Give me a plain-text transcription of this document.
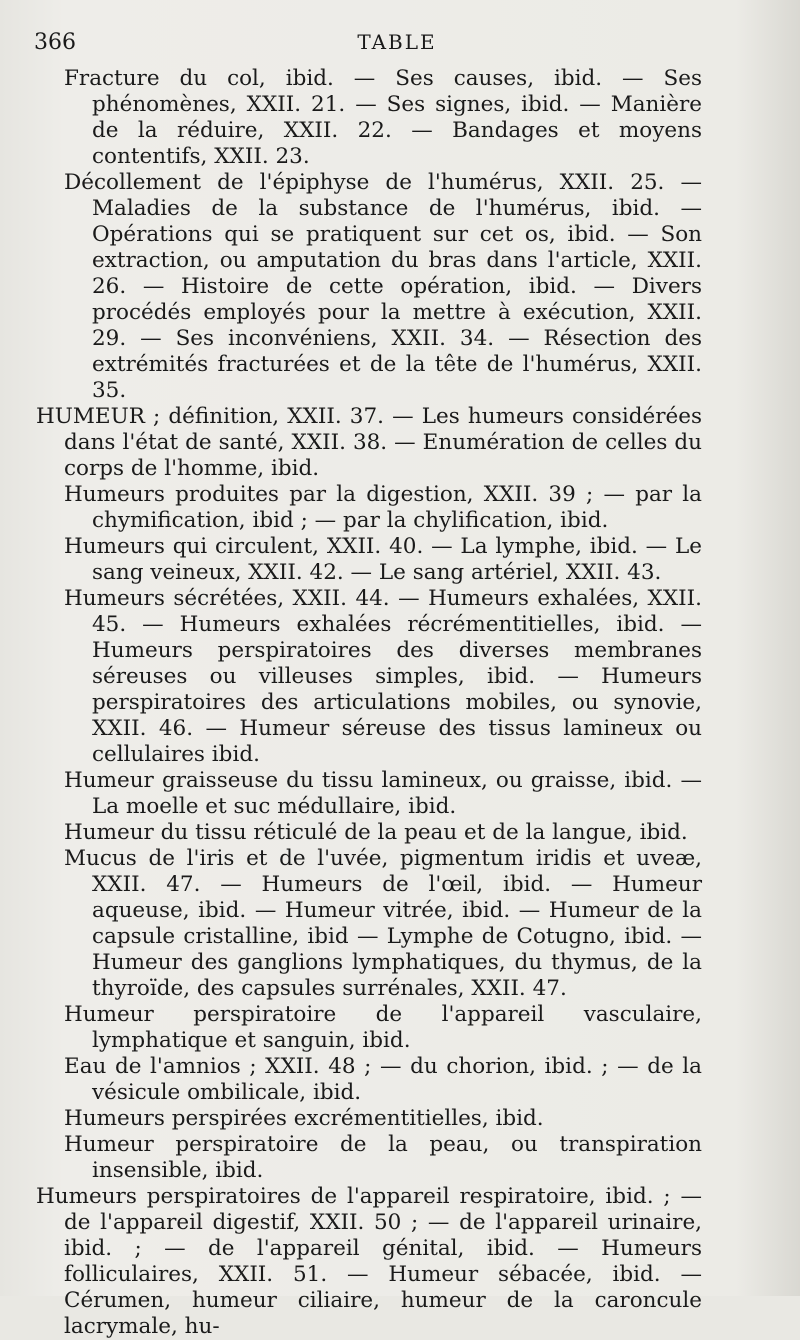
366	TABLE

Fracture du col, ibid. — Ses causes, ibid. — Ses phénomènes, XXII. 21. — Ses signes, ibid. — Manière de la réduire, XXII. 22. — Bandages et moyens contentifs, XXII. 23.

Décollement de l'épiphyse de l'humérus, XXII. 25. — Maladies de la substance de l'humérus, ibid. — Opérations qui se pratiquent sur cet os, ibid. — Son extraction, ou amputation du bras dans l'article, XXII. 26. — Histoire de cette opération, ibid. — Divers procédés employés pour la mettre à exécution, XXII. 29. — Ses inconvéniens, XXII. 34. — Résection des extrémités fracturées et de la tête de l'humérus, XXII. 35.

HUMEUR ; définition, XXII. 37. — Les humeurs considérées dans l'état de santé, XXII. 38. — Enumération de celles du corps de l'homme, ibid.

Humeurs produites par la digestion, XXII. 39 ; — par la chymification, ibid ; — par la chylification, ibid.

Humeurs qui circulent, XXII. 40. — La lymphe, ibid. — Le sang veineux, XXII. 42. — Le sang artériel, XXII. 43.

Humeurs sécrétées, XXII. 44. — Humeurs exhalées, XXII. 45. — Humeurs exhalées récrémentitielles, ibid. — Humeurs perspiratoires des diverses membranes séreuses ou villeuses simples, ibid. — Humeurs perspiratoires des articulations mobiles, ou synovie, XXII. 46. — Humeur séreuse des tissus lamineux ou cellulaires ibid.

Humeur graisseuse du tissu lamineux, ou graisse, ibid. — La moelle et suc médullaire, ibid.

Humeur du tissu réticulé de la peau et de la langue, ibid.

Mucus de l'iris et de l'uvée, pigmentum iridis et uveæ, XXII. 47. — Humeurs de l'œil, ibid. — Humeur aqueuse, ibid. — Humeur vitrée, ibid. — Humeur de la capsule cristalline, ibid — Lymphe de Cotugno, ibid. — Humeur des ganglions lymphatiques, du thymus, de la thyroïde, des capsules surrénales, XXII. 47.

Humeur perspiratoire de l'appareil vasculaire, lymphatique et sanguin, ibid.

Eau de l'amnios ; XXII. 48 ; — du chorion, ibid. ; — de la vésicule ombilicale, ibid.

Humeurs perspirées excrémentitielles, ibid.

Humeur perspiratoire de la peau, ou transpiration insensible, ibid.

Humeurs perspiratoires de l'appareil respiratoire, ibid. ; — de l'appareil digestif, XXII. 50 ; — de l'appareil urinaire, ibid. ; — de l'appareil génital, ibid. — Humeurs folliculaires, XXII. 51. — Humeur sébacée, ibid. — Cérumen, humeur ciliaire, humeur de la caroncule lacrymale, hu-
